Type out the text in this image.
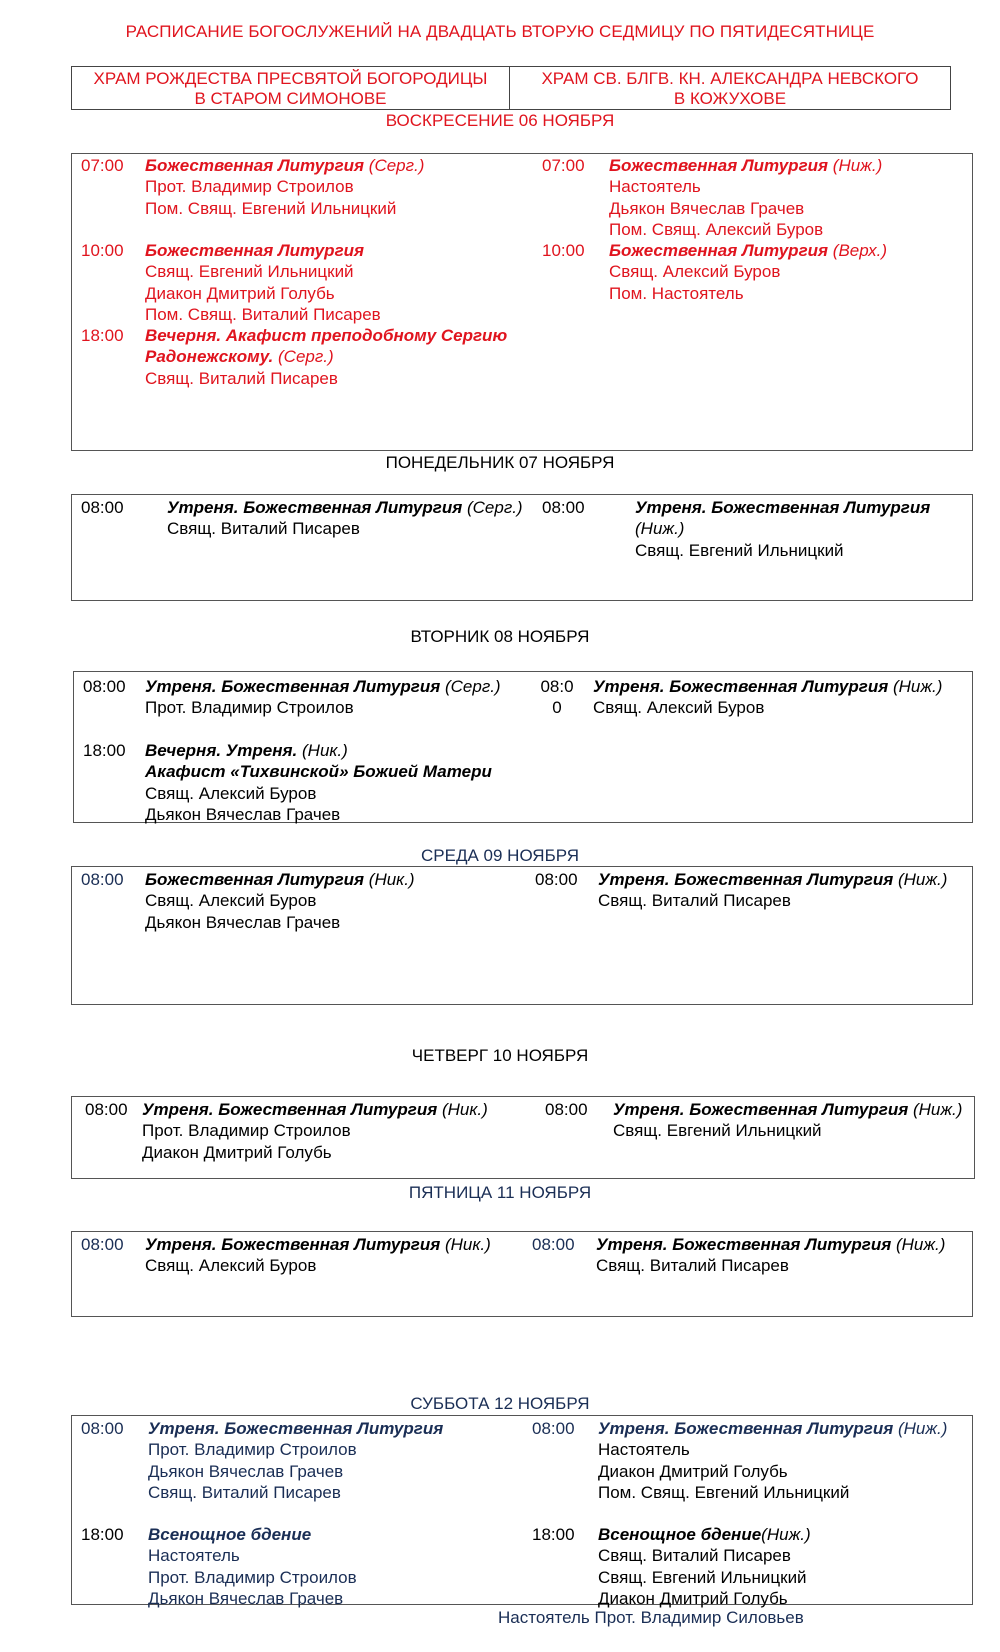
РАСПИСАНИЕ БОГОСЛУЖЕНИЙ НА ДВАДЦАТЬ ВТОРУЮ СЕДМИЦУ ПО ПЯТИДЕСЯТНИЦЕ
ХРАМ РОЖДЕСТВА ПРЕСВЯТОЙ БОГОРОДИЦЫ
В СТАРОМ СИМОНОВЕ
ХРАМ СВ. БЛГВ. КН. АЛЕКСАНДРА НЕВСКОГО
В КОЖУХОВЕ
ВОСКРЕСЕНИЕ 06 НОЯБРЯ
07:00 Божественная Литургия (Серг.)
Прот. Владимир Строилов
Пом. Свящ. Евгений Ильницкий
10:00 Божественная Литургия
Свящ. Евгений Ильницкий
Диакон Дмитрий Голубь
Пом. Свящ. Виталий Писарев
18:00 Вечерня. Акафист преподобному Сергию
Радонежскому. (Серг.)
Свящ. Виталий Писарев
07:00 Божественная Литургия (Ниж.)
Настоятель
Дьякон Вячеслав Грачев
Пом. Свящ. Алексий Буров
10:00 Божественная Литургия (Верх.)
Свящ. Алексий Буров
Пом. Настоятель
ПОНЕДЕЛЬНИК 07 НОЯБРЯ
08:00	Утреня. Божественная Литургия (Серг.)
Свящ. Виталий Писарев
08:00	Утреня. Божественная Литургия
(Ниж.)
Свящ. Евгений Ильницкий
ВТОРНИК 08 НОЯБРЯ
08:00 Утреня. Божественная Литургия (Серг.)
Прот. Владимир Строилов
18:00 Вечерня. Утреня. (Ник.)
Акафист «Тихвинской» Божией Матери
Свящ. Алексий Буров
Дьякон Вячеслав Грачев
08:0
0
Утреня. Божественная Литургия (Ниж.)
Свящ. Алексий Буров
СРЕДА 09 НОЯБРЯ
08:00 Божественная Литургия (Ник.)
Свящ. Алексий Буров
Дьякон Вячеслав Грачев
08:00 Утреня. Божественная Литургия (Ниж.)
Свящ. Виталий Писарев
ЧЕТВЕРГ 10 НОЯБРЯ
08:00 Утреня. Божественная Литургия (Ник.)
Прот. Владимир Строилов
Диакон Дмитрий Голубь
08:00 Утреня. Божественная Литургия (Ниж.)
Свящ. Евгений Ильницкий
ПЯТНИЦА 11 НОЯБРЯ
08:00 Утреня. Божественная Литургия (Ник.)
Свящ. Алексий Буров
08:00 Утреня. Божественная Литургия (Ниж.)
Свящ. Виталий Писарев
СУББОТА 12 НОЯБРЯ
08:00 Утреня. Божественная Литургия
Прот. Владимир Строилов
Дьякон Вячеслав Грачев
Свящ. Виталий Писарев
18:00 Всенощное бдение
Настоятель
Прот. Владимир Строилов
Дьякон Вячеслав Грачев
08:00 Утреня. Божественная Литургия (Ниж.)
Настоятель
Диакон Дмитрий Голубь
Пом. Свящ. Евгений Ильницкий
18:00 Всенощное бдение(Ниж.)
Свящ. Виталий Писарев
Свящ. Евгений Ильницкий
Диакон Дмитрий Голубь
Настоятель Прот. Владимир Силовьев
